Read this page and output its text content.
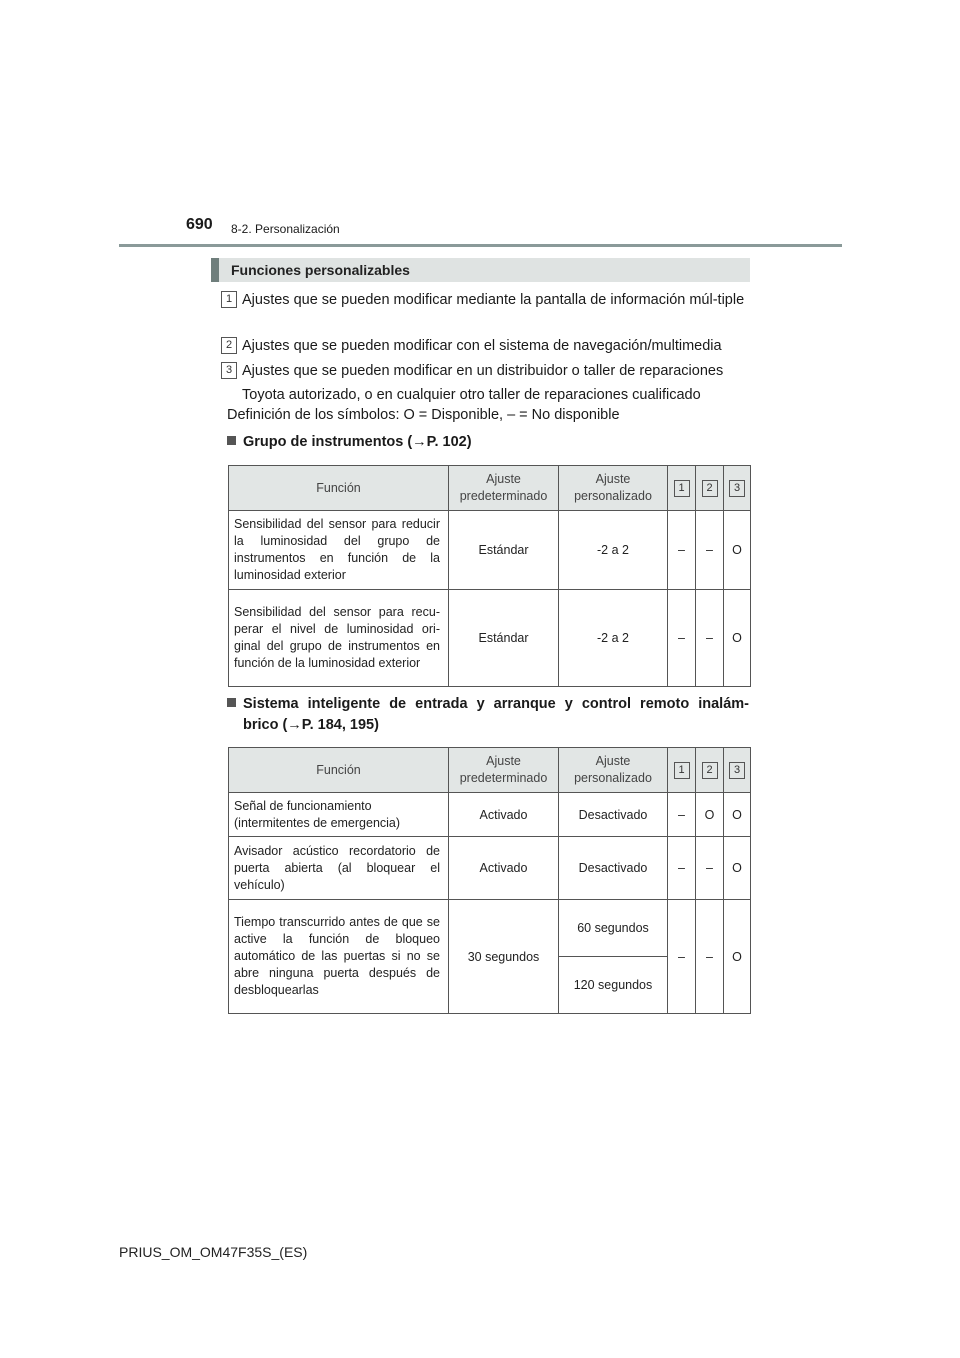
690 8-2. Personalización
Funciones personalizables
1 Ajustes que se pueden modificar mediante la pantalla de información múl-tiple
2 Ajustes que se pueden modificar con el sistema de navegación/multimedia
3 Ajustes que se pueden modificar en un distribuidor o taller de reparaciones Toyota autorizado, o en cualquier otro taller de reparaciones cualificado
Definición de los símbolos: O = Disponible, – = No disponible
Grupo de instrumentos (→P. 102)
Función	Ajuste predeterminado	Ajuste personalizado	1	2	3
Sensibilidad del sensor para reducir la luminosidad del grupo de instrumentos en función de la luminosidad exterior	Estándar	-2 a 2	–	–	O
Sensibilidad del sensor para recu-perar el nivel de luminosidad ori-ginal del grupo de instrumentos en función de la luminosidad exterior	Estándar	-2 a 2	–	–	O
Sistema inteligente de entrada y arranque y control remoto inalám-
brico (→P. 184, 195)
Función	Ajuste predeterminado	Ajuste personalizado	1	2	3
Señal de funcionamiento (intermitentes de emergencia)	Activado	Desactivado	–	O	O
Avisador acústico recordatorio de puerta abierta (al bloquear el vehículo)	Activado	Desactivado	–	–	O
Tiempo transcurrido antes de que se active la función de bloqueo automático de las puertas si no se abre ninguna puerta después de desbloquearlas	30 segundos	60 segundos	–	–	O
		120 segundos			
PRIUS_OM_OM47F35S_(ES)
